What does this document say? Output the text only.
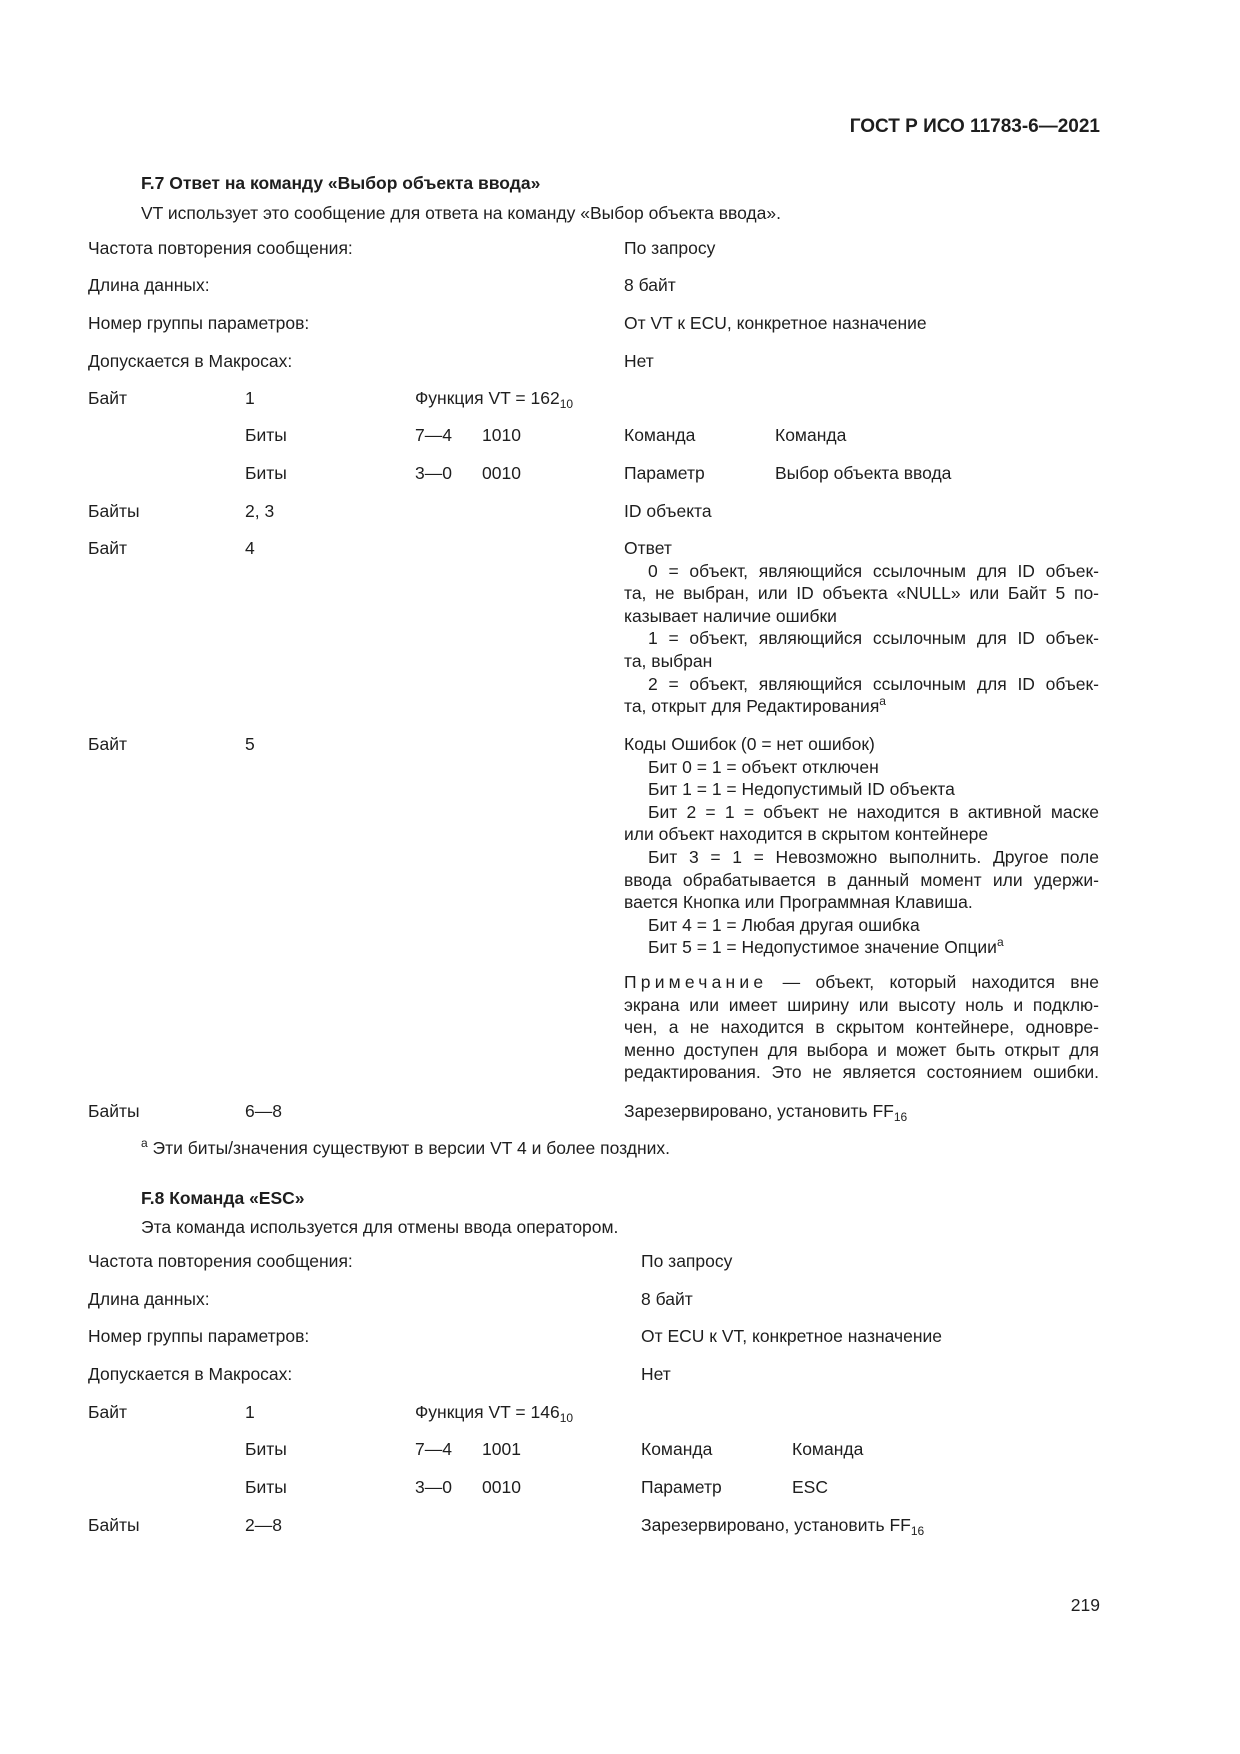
ГОСТ Р ИСО 11783-6—2021
F.7 Ответ на команду «Выбор объекта ввода»
VT использует это сообщение для ответа на команду «Выбор объекта ввода».
Частота повторения сообщения:	По запросу
Длина данных:	8 байт
Номер группы параметров:	От VT к ECU, конкретное назначение
Допускается в Макросах:	Нет
Байт	1	Функция VT = $162_{10}$
Биты	7—4 1010	Команда	Команда
Биты	3—0 0010	Параметр	Выбор объекта ввода
Байты	2, 3	ID объекта
Байт	4	Ответ
0 = объект, являющийся ссылочным для ID объек-
та, не выбран, или ID объекта «NULL» или Байт 5 по-
казывает наличие ошибки
1 = объект, являющийся ссылочным для ID объек-
та, выбран
2 = объект, являющийся ссылочным для ID объек-
та, открыт для Редактирования$^a$
Байт	5	Коды Ошибок (0 = нет ошибок)
Бит 0 = 1 = объект отключен
Бит 1 = 1 = Недопустимый ID объекта
Бит 2 = 1 = объект не находится в активной маске
или объект находится в скрытом контейнере
Бит 3 = 1 = Невозможно выполнить. Другое поле
ввода обрабатывается в данный момент или удержи-
вается Кнопка или Программная Клавиша.
Бит 4 = 1 = Любая другая ошибка
Бит 5 = 1 = Недопустимое значение Опции$^a$
Примечание — объект, который находится вне
экрана или имеет ширину или высоту ноль и подклю-
чен, а не находится в скрытом контейнере, одновре-
менно доступен для выбора и может быть открыт для
редактирования. Это не является состоянием ошибки.
Байты	6—8	Зарезервировано, установить $FF_{16}$
$^a$ Эти биты/значения существуют в версии VT 4 и более поздних.
F.8 Команда «ESC»
Эта команда используется для отмены ввода оператором.
Частота повторения сообщения:	По запросу
Длина данных:	8 байт
Номер группы параметров:	От ECU к VT, конкретное назначение
Допускается в Макросах:	Нет
Байт	1	Функция VT = $146_{10}$
Биты	7—4 1001	Команда	Команда
Биты	3—0 0010	Параметр	ESC
Байты	2—8	Зарезервировано, установить $FF_{16}$
219
